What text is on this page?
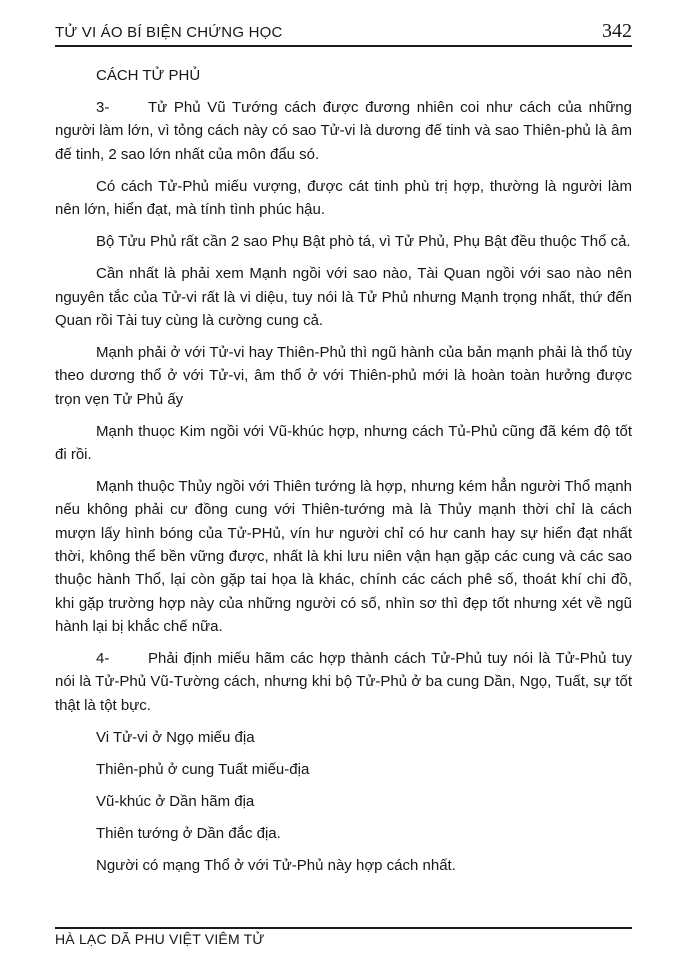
TỬ VI ÁO BÍ BIỆN CHỨNG HỌC	342
CÁCH TỬ PHỦ

3-	Tử Phủ Vũ Tướng cách được đương nhiên coi như cách của những người làm lớn, vì tỏng cách này có sao Tử-vi là dương đế tinh và sao Thiên-phủ là âm đế tinh, 2 sao lớn nhất của môn đẩu só.

Có cách Tử-Phủ miếu vượng, được cát tinh phù trị hợp, thường là người làm nên lớn, hiển đạt, mà tính tình phúc hậu.

Bộ Tửu Phủ rất cần 2 sao Phụ Bật phò tá, vì Tử Phủ, Phụ Bật đều thuộc Thổ cả.

Cần nhất là phải xem Mạnh ngồi với sao nào, Tài Quan ngồi với sao nào nên nguyên tắc của Tử-vi rất là vi diệu, tuy nói là Tử Phủ nhưng Mạnh trọng nhất, thứ đến Quan rồi Tài tuy cùng là cường cung cả.

Mạnh phải ở với Tử-vi hay Thiên-Phủ thì ngũ hành của bản mạnh phải là thổ tùy theo dương thổ ở với Tử-vi, âm thổ ở với Thiên-phủ mới là hoàn toàn hưởng được trọn vẹn Tử Phủ ấy

Mạnh thuọc Kim ngồi với Vũ-khúc hợp, nhưng cách Tủ-Phủ cũng đã kém độ tốt đi rồi.

Mạnh thuộc Thủy ngồi với Thiên tướng là hợp, nhưng kém hẳn người Thổ mạnh nếu không phải cư đồng cung với Thiên-tướng mà là Thủy mạnh thời chỉ là cách mượn lấy hình bóng của Tử-PHủ, vín hư người chỉ có hư canh hay sự hiển đạt nhất thời, không thể bền vững được, nhất là khi lưu niên vận hạn gặp các cung và các sao thuộc hành Thổ, lại còn gặp tai họa là khác, chính các cách phê số, thoát khí chi đồ, khi gặp trường hợp này của những người có số, nhìn sơ thì đẹp tốt nhưng xét về ngũ hành lại bị khắc chế nữa.

4-	Phải định miếu hãm các hợp thành cách Tử-Phủ tuy nói là Tử-Phủ tuy nói là Tử-Phủ Vũ-Tường cách, nhưng khi bộ Tử-Phủ ở ba cung Dần, Ngọ, Tuất, sự tốt thật là tột bực.

Vi Tử-vi ở Ngọ miếu địa

Thiên-phủ ở cung Tuất miếu-địa

Vũ-khúc ở Dần hãm địa

Thiên tướng ở Dần đắc địa.

Người có mạng Thổ ở với Tử-Phủ này hợp cách nhất.

HÀ LẠC DÃ PHU VIỆT VIÊM TỬ
